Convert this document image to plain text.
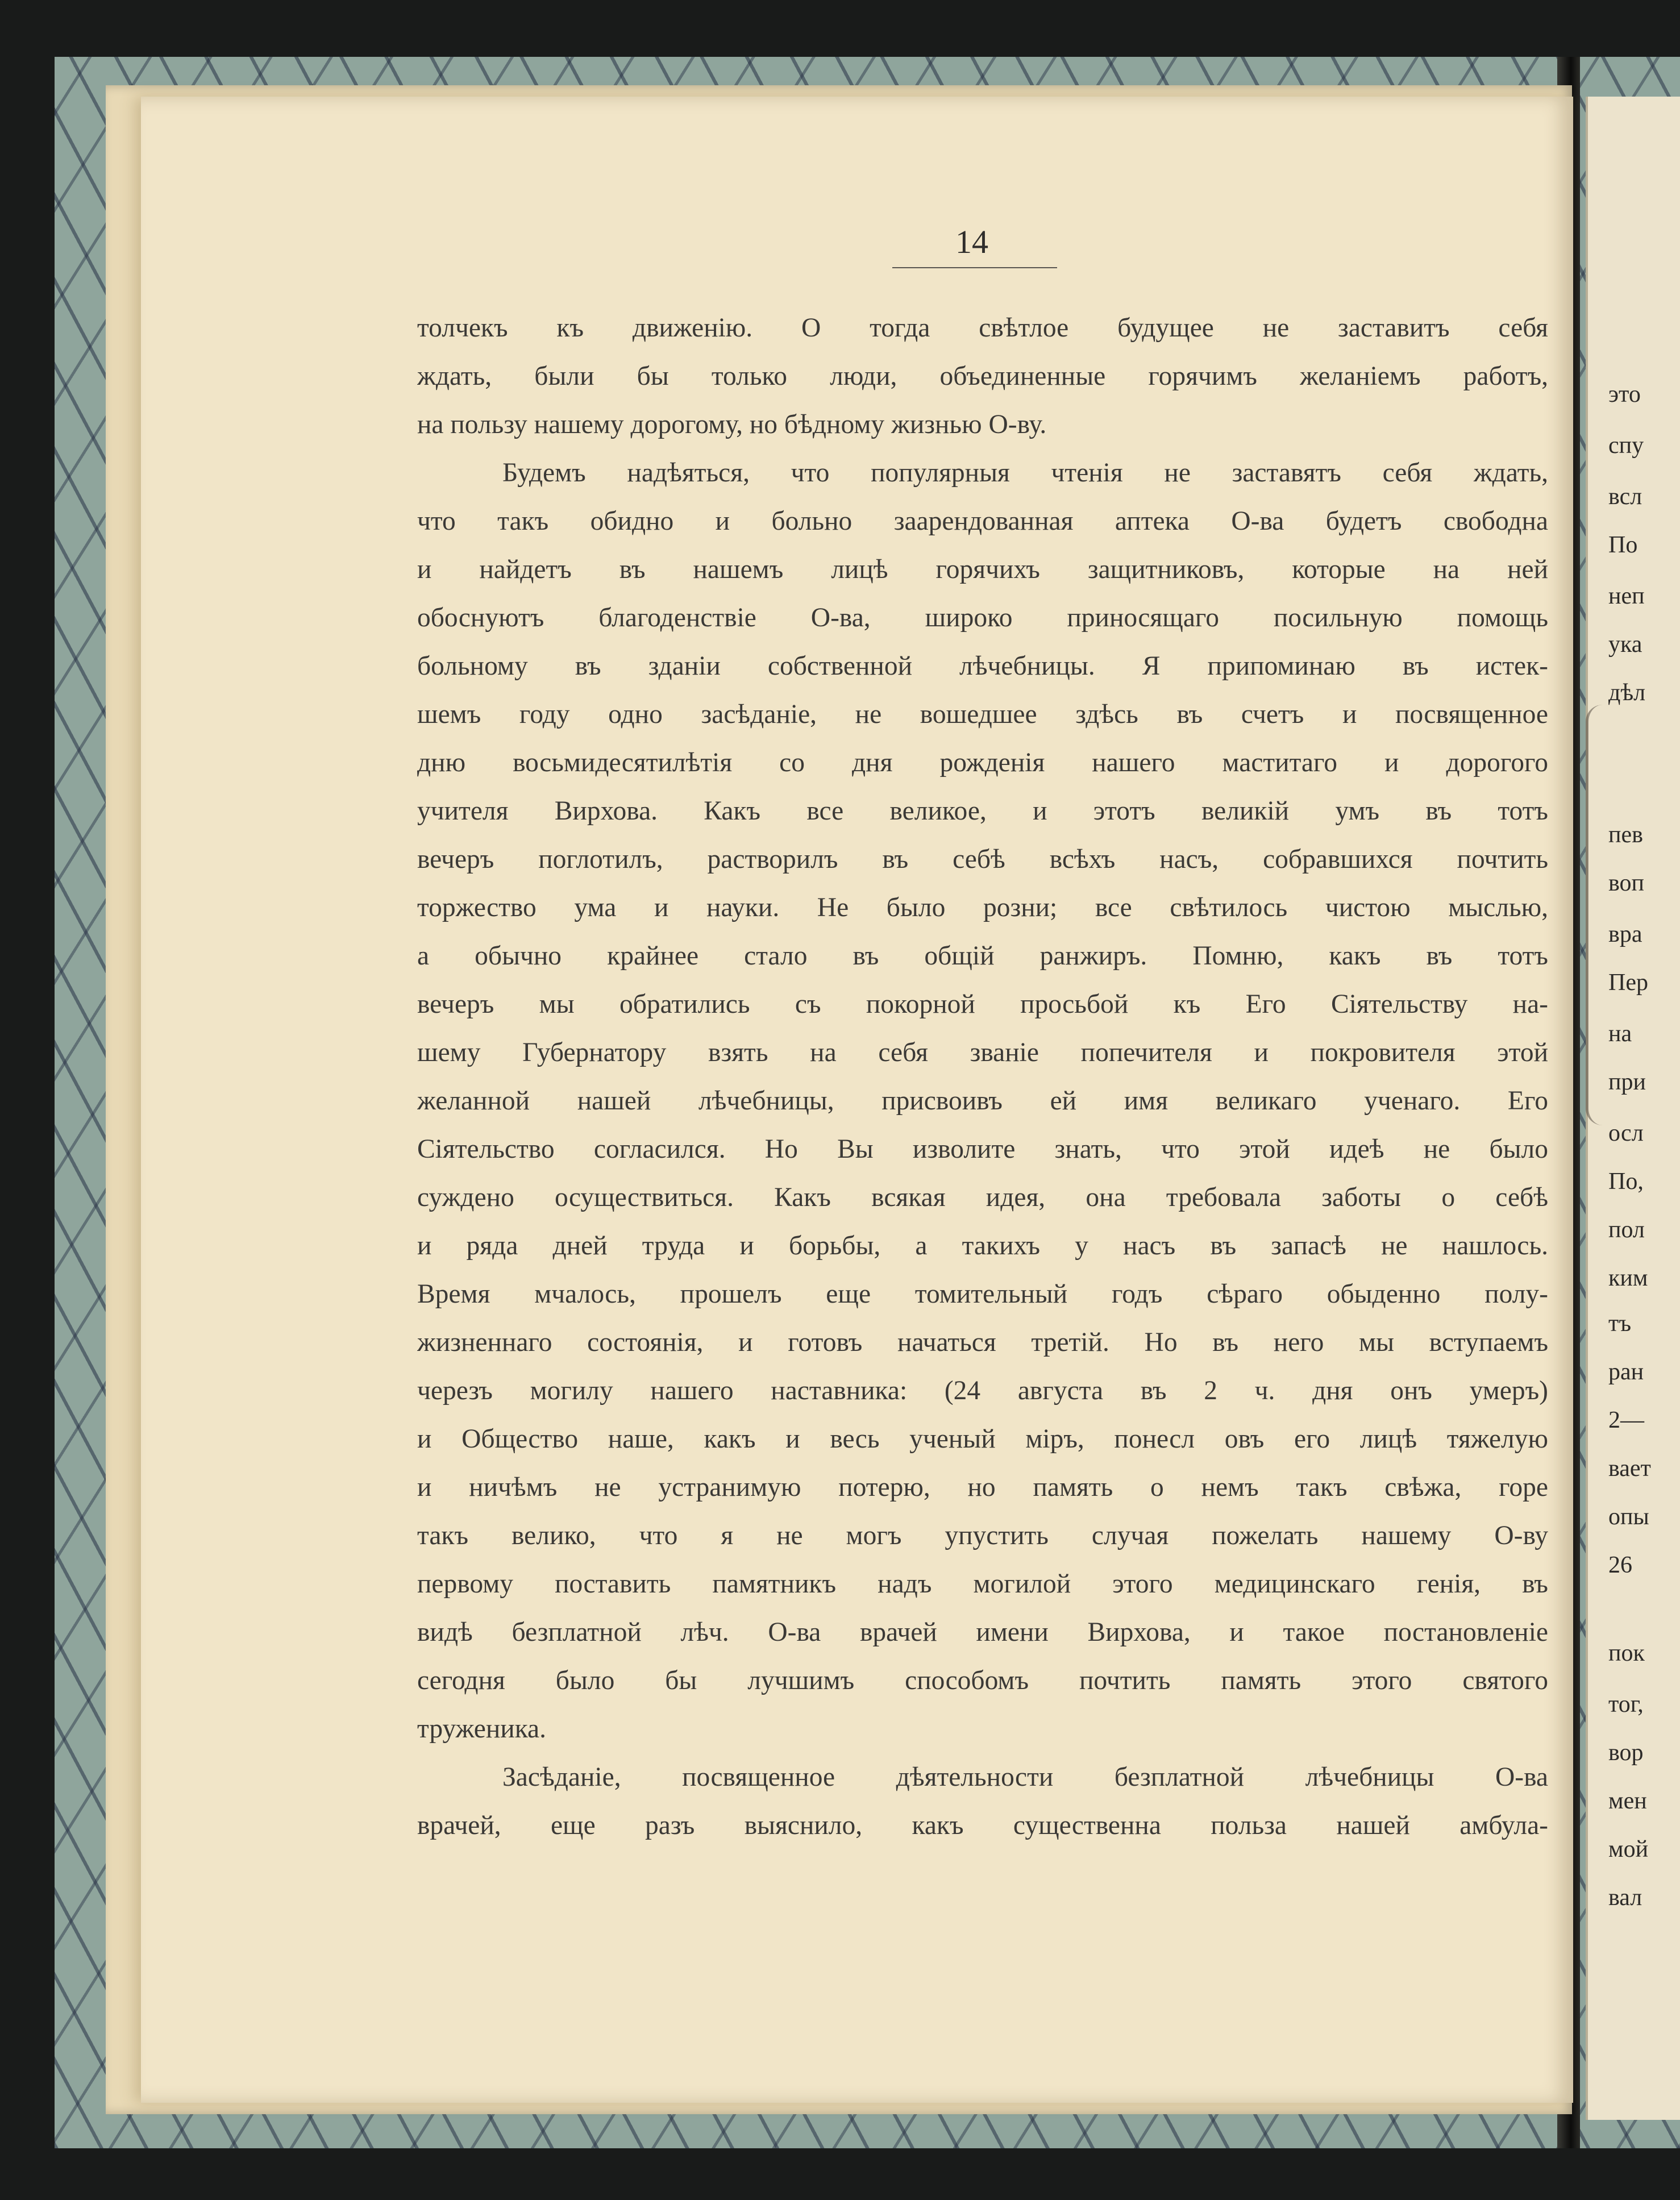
14
толчекъ къ движенію. О тогда свѣтлое будущее не заставитъ себя
ждать, были бы только люди, объединенные горячимъ желаніемъ работъ,
на пользу нашему дорогому, но бѣдному жизнью О-ву.
Будемъ надѣяться, что популярныя чтенія не заставятъ себя ждать,
что такъ обидно и больно заарендованная аптека О-ва будетъ свободна
и найдетъ въ нашемъ лицѣ горячихъ защитниковъ, которые на ней
обоснуютъ благоденствіе О-ва, широко приносящаго посильную помощь
больному въ зданіи собственной лѣчебницы. Я припоминаю въ истек-
шемъ году одно засѣданіе, не вошедшее здѣсь въ счетъ и посвященное
дню восьмидесятилѣтія со дня рожденія нашего маститаго и дорогого
учителя Вирхова. Какъ все великое, и этотъ великій умъ въ тотъ
вечеръ поглотилъ, растворилъ въ себѣ всѣхъ насъ, собравшихся почтить
торжество ума и науки. Не было розни; все свѣтилось чистою мыслью,
а обычно крайнее стало въ общій ранжиръ. Помню, какъ въ тотъ
вечеръ мы обратились съ покорной просьбой къ Его Сіятельству на-
шему Губернатору взять на себя званіе попечителя и покровителя этой
желанной нашей лѣчебницы, присвоивъ ей имя великаго ученаго. Его
Сіятельство согласился. Но Вы изволите знать, что этой идеѣ не было
суждено осуществиться. Какъ всякая идея, она требовала заботы о себѣ
и ряда дней труда и борьбы, а такихъ у насъ въ запасѣ не нашлось.
Время мчалось, прошелъ еще томительный годъ сѣраго обыденно полу-
жизненнаго состоянія, и готовъ начаться третій. Но въ него мы вступаемъ
черезъ могилу нашего наставника: (24 августа въ 2 ч. дня онъ умеръ)
и Общество наше, какъ и весь ученый міръ, понесл овъ его лицѣ тяжелую
и ничѣмъ не устранимую потерю, но память о немъ такъ свѣжа, горе
такъ велико, что я не могъ упустить случая пожелать нашему О-ву
первому поставить памятникъ надъ могилой этого медицинскаго генія, въ
видѣ безплатной лѣч. О-ва врачей имени Вирхова, и такое постановленіе
сегодня было бы лучшимъ способомъ почтить память этого святого
труженика.
Засѣданіе, посвященное дѣятельности безплатной лѣчебницы О-ва
врачей, еще разъ выяснило, какъ существенна польза нашей амбула-
это
спу
всл
По
неп
ука
дѣл
пев
воп
вра
Пер
на
при
осл
По,
пол
ким
тъ
ран
2—
вает
опы
26
пок
тог,
вор
мен
мой
вал
